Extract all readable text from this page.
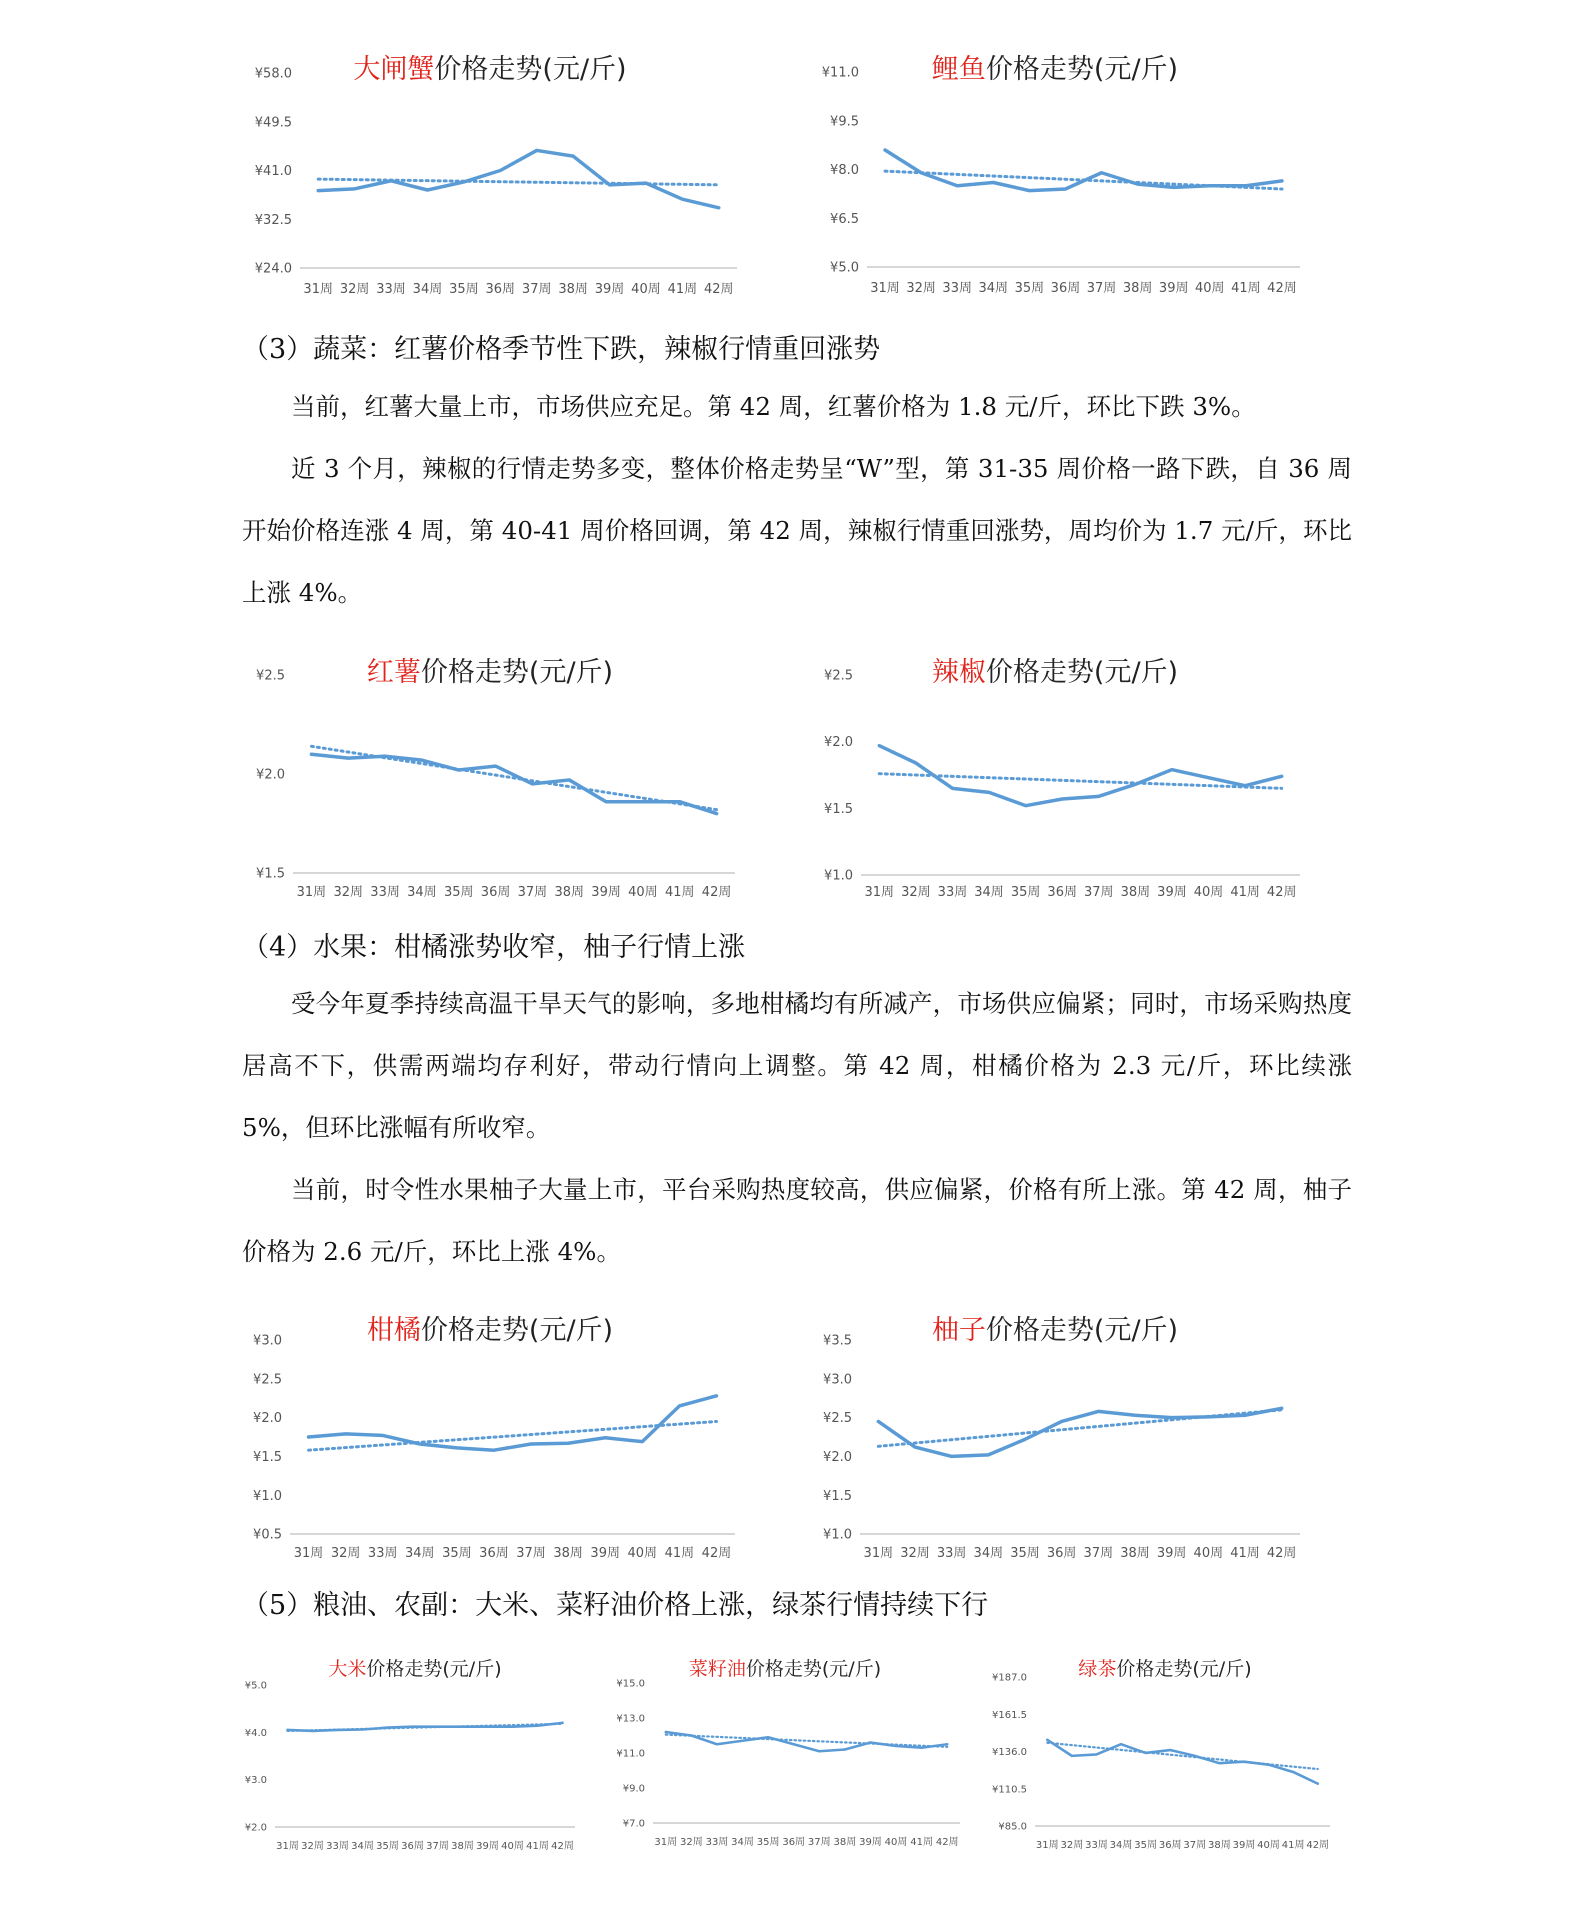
大闸蟹价格走势(元/斤)
¥24.0
¥32.5
¥41.0
¥49.5
¥58.0
31周 32周 33周 34周 35周 36周 37周 38周 39周 40周 41周 42周
鲤鱼价格走势(元/斤)
¥5.0
¥6.5
¥8.0
¥9.5
¥11.0
31周 32周 33周 34周 35周 36周 37周 38周 39周 40周 41周 42周
（3）蔬菜：红薯价格季节性下跌，辣椒行情重回涨势

当前，红薯大量上市，市场供应充足。第 42 周，红薯价格为 1.8 元/斤，环比下跌 3%。

近 3 个月，辣椒的行情走势多变，整体价格走势呈“W”型，第 31-35 周价格一路下跌，自 36 周开始价格连涨 4 周，第 40-41 周价格回调，第 42 周，辣椒行情重回涨势，周均价为 1.7 元/斤，环比上涨 4%。

红薯价格走势(元/斤)
¥1.5
¥2.0
¥2.5
31周 32周 33周 34周 35周 36周 37周 38周 39周 40周 41周 42周
辣椒价格走势(元/斤)
¥1.0
¥1.5
¥2.0
¥2.5
31周 32周 33周 34周 35周 36周 37周 38周 39周 40周 41周 42周
（4）水果：柑橘涨势收窄，柚子行情上涨

受今年夏季持续高温干旱天气的影响，多地柑橘均有所减产，市场供应偏紧；同时，市场采购热度居高不下，供需两端均存利好，带动行情向上调整。第 42 周，柑橘价格为 2.3 元/斤，环比续涨 5%，但环比涨幅有所收窄。

当前，时令性水果柚子大量上市，平台采购热度较高，供应偏紧，价格有所上涨。第 42 周，柚子价格为 2.6 元/斤，环比上涨 4%。

柑橘价格走势(元/斤)
¥0.5
¥1.0
¥1.5
¥2.0
¥2.5
¥3.0
31周 32周 33周 34周 35周 36周 37周 38周 39周 40周 41周 42周
柚子价格走势(元/斤)
¥1.0
¥1.5
¥2.0
¥2.5
¥3.0
¥3.5
31周 32周 33周 34周 35周 36周 37周 38周 39周 40周 41周 42周
（5）粮油、农副：大米、菜籽油价格上涨，绿茶行情持续下行
大米价格走势(元/斤)
¥2.0
¥3.0
¥4.0
¥5.0
31周 32周 33周 34周 35周 36周 37周 38周 39周 40周 41周 42周
菜籽油价格走势(元/斤)
¥7.0
¥9.0
¥11.0
¥13.0
¥15.0
31周 32周 33周 34周 35周 36周 37周 38周 39周 40周 41周 42周
绿茶价格走势(元/斤)
¥85.0
¥110.5
¥136.0
¥161.5
¥187.0
31周 32周 33周 34周 35周 36周 37周 38周 39周 40周 41周 42周
